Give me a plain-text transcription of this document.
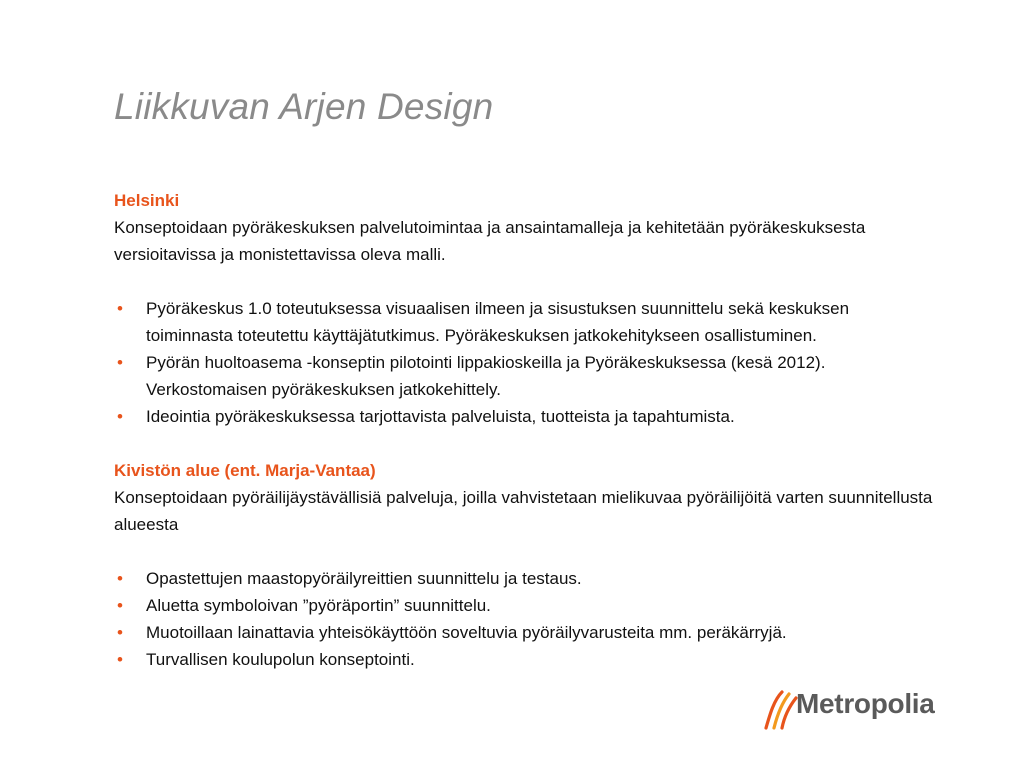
Liikkuvan Arjen Design
Helsinki

Konseptoidaan pyöräkeskuksen palvelutoimintaa ja ansaintamalleja ja kehitetään pyöräkeskuksesta versioitavissa ja monistettavissa oleva malli.

• Pyöräkeskus 1.0 toteutuksessa visuaalisen ilmeen ja sisustuksen suunnittelu sekä keskuksen toiminnasta toteutettu käyttäjätutkimus. Pyöräkeskuksen jatkokehitykseen osallistuminen.
• Pyörän huoltoasema -konseptin pilotointi lippakioskeilla ja Pyöräkeskuksessa (kesä 2012). Verkostomaisen pyöräkeskuksen jatkokehittely.
• Ideointia pyöräkeskuksessa tarjottavista palveluista, tuotteista ja tapahtumista.
Kivistön alue (ent. Marja-Vantaa)

Konseptoidaan pyöräilijäystävällisiä palveluja, joilla vahvistetaan mielikuvaa pyöräilijöitä varten suunnitellusta alueesta

• Opastettujen maastopyöräilyreittien suunnittelu ja testaus.
• Aluetta symboloivan ”pyöräportin” suunnittelu.
• Muotoillaan lainattavia yhteisökäyttöön soveltuvia pyöräilyvarusteita mm. peräkärryjä.
• Turvallisen koulupolun konseptointi.
Metropolia
